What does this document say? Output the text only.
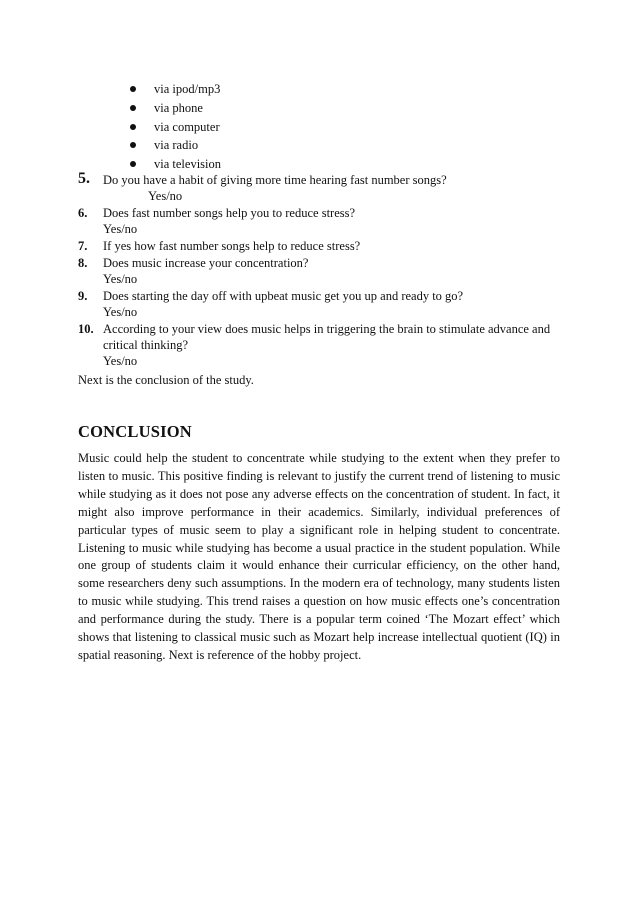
via ipod/mp3
via phone
via computer
via radio
via television
5. Do you have a habit of giving more time hearing fast number songs?
Yes/no
6. Does fast number songs help you to reduce stress?
Yes/no
7. If yes how fast number songs help to reduce stress?
8. Does music increase your concentration?
Yes/no
9. Does starting the day off with upbeat music get you up and ready to go?
Yes/no
10. According to your view does music helps in triggering the brain to stimulate advance and critical thinking?
Yes/no
Next is the conclusion of the study.
CONCLUSION

Music could help the student to concentrate while studying to the extent when they prefer to listen to music. This positive finding is relevant to justify the current trend of listening to music while studying as it does not pose any adverse effects on the concentration of student. In fact, it might also improve performance in their academics. Similarly, individual preferences of particular types of music seem to play a significant role in helping student to concentrate. Listening to music while studying has become a usual practice in the student population. While one group of students claim it would enhance their curricular efficiency, on the other hand, some researchers deny such assumptions. In the modern era of technology, many students listen to music while studying. This trend raises a question on how music effects one’s concentration and performance during the study. There is a popular term coined ‘The Mozart effect’ which shows that listening to classical music such as Mozart help increase intellectual quotient (IQ) in spatial reasoning. Next is reference of the hobby project.
